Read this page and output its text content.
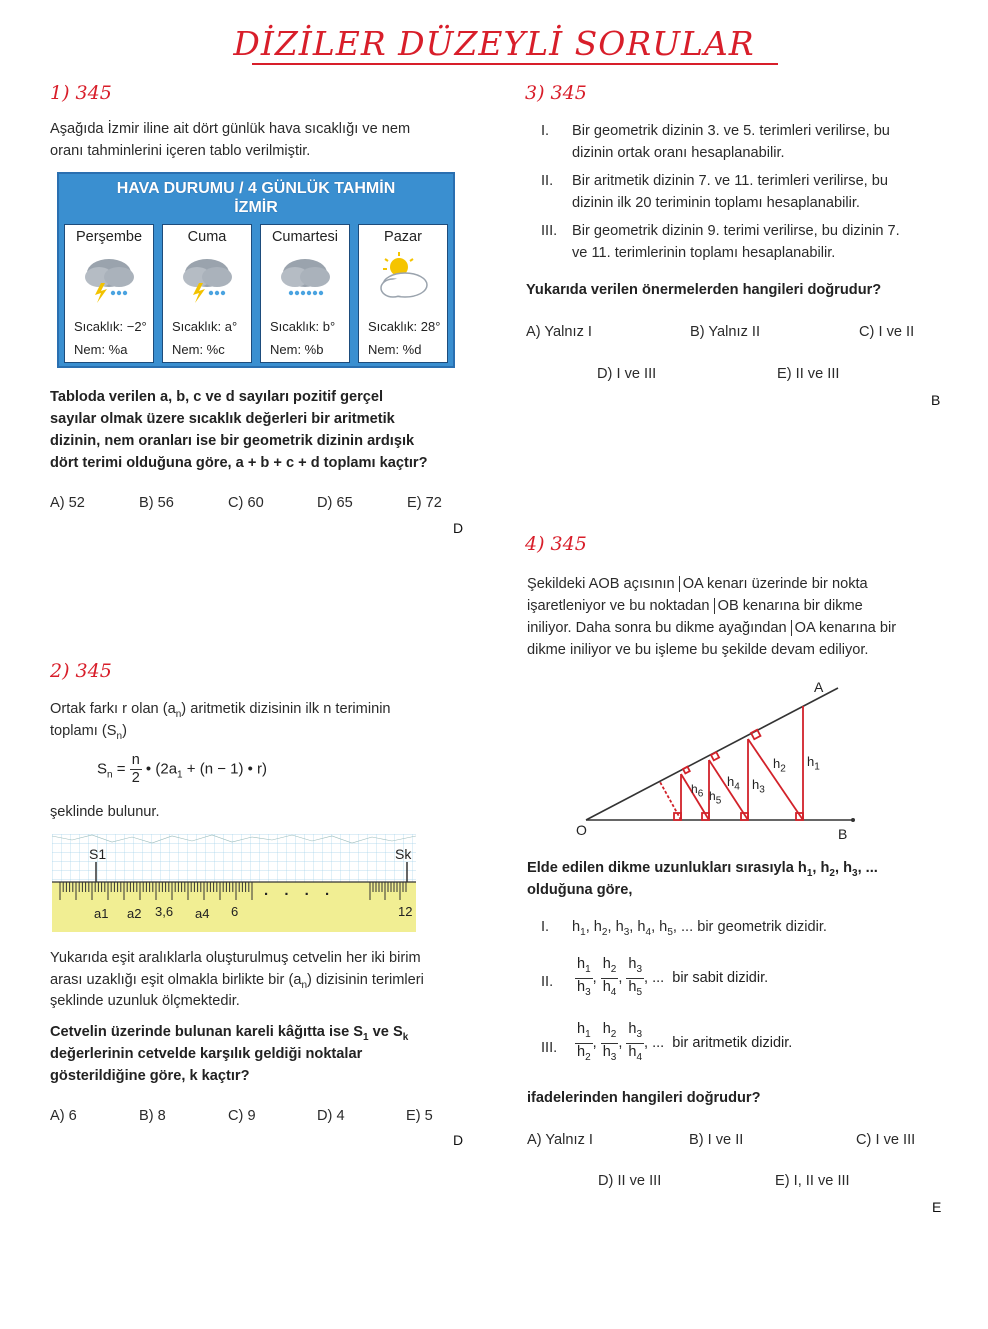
DİZİLER DÜZEYLİ SORULAR
1) 345
Aşağıda İzmir iline ait dört günlük hava sıcaklığı ve nem
oranı tahminlerini içeren tablo verilmiştir.
HAVA DURUMU / 4 GÜNLÜK TAHMİN
İZMİR
Perşembe
Sıcaklık: −2°
Nem: %a
Cuma
Sıcaklık: a°
Nem: %c
Cumartesi
Sıcaklık: b°
Nem: %b
Pazar
Sıcaklık: 28°
Nem: %d
Tabloda verilen a, b, c ve d sayıları pozitif gerçel
sayılar olmak üzere sıcaklık değerleri bir aritmetik
dizinin, nem oranları ise bir geometrik dizinin ardışık
dört terimi olduğuna göre, a + b + c + d toplamı kaçtır?
A) 52	B) 56	C) 60	D) 65	E) 72
D
2) 345
Ortak farkı r olan $(a_n)$ aritmetik dizisinin ilk n teriminin
toplamı $(S_n)$
$S_n = \frac{n}{2}$ • ($2a_1 + (n - 1)$ • r)
şeklinde bulunur.
S1	Sk
a1 a2 3,6 a4 6	12
. . . .
Yukarıda eşit aralıklarla oluşturulmuş cetvelin her iki birim
arası uzaklığı eşit olmakla birlikte bir $(a_n)$ dizisinin terimleri
şeklinde uzunluk ölçmektedir.
Cetvelin üzerinde bulunan kareli kâğıtta ise $S_1$ ve $S_k$
değerlerinin cetvelde karşılık geldiği noktalar
gösterildiğine göre, k kaçtır?
A) 6	B) 8	C) 9	D) 4	E) 5
D
3) 345
I. Bir geometrik dizinin 3. ve 5. terimleri verilirse, bu
dizinin ortak oranı hesaplanabilir.
II. Bir aritmetik dizinin 7. ve 11. terimleri verilirse, bu
dizinin ilk 20 teriminin toplamı hesaplanabilir.
III. Bir geometrik dizinin 9. terimi verilirse, bu dizinin 7.
ve 11. terimlerinin toplamı hesaplanabilir.
Yukarıda verilen önermelerden hangileri doğrudur?
A) Yalnız I	B) Yalnız II	C) I ve II
D) I ve III	E) II ve III
B
4) 345
Şekildeki AOB açısının OA kenarı üzerinde bir nokta
işaretleniyor ve bu noktadan OB kenarına bir dikme
iniliyor. Daha sonra bu dikme ayağından OA kenarına bir
dikme iniliyor ve bu işleme bu şekilde devam ediliyor.
A
O	B
$h_1$
$h_2$
$h_3$
$h_4$
$h_5$
$h_6$
Elde edilen dikme uzunlukları sırasıyla $h_1$, $h_2$, $h_3$, ...
olduğuna göre,
I. $h_1$, $h_2$, $h_3$, $h_4$, $h_5$, ... bir geometrik dizidir.
II. $\frac{h_1}{h_3}$ , $\frac{h_2}{h_4}$ , $\frac{h_3}{h_5}$ , ...  bir sabit dizidir.
III. $\frac{h_1}{h_2}$ , $\frac{h_2}{h_3}$ , $\frac{h_3}{h_4}$ , ...  bir aritmetik dizidir.
ifadelerinden hangileri doğrudur?
A) Yalnız I	B) I ve II	C) I ve III
D) II ve III	E) I, II ve III
E
